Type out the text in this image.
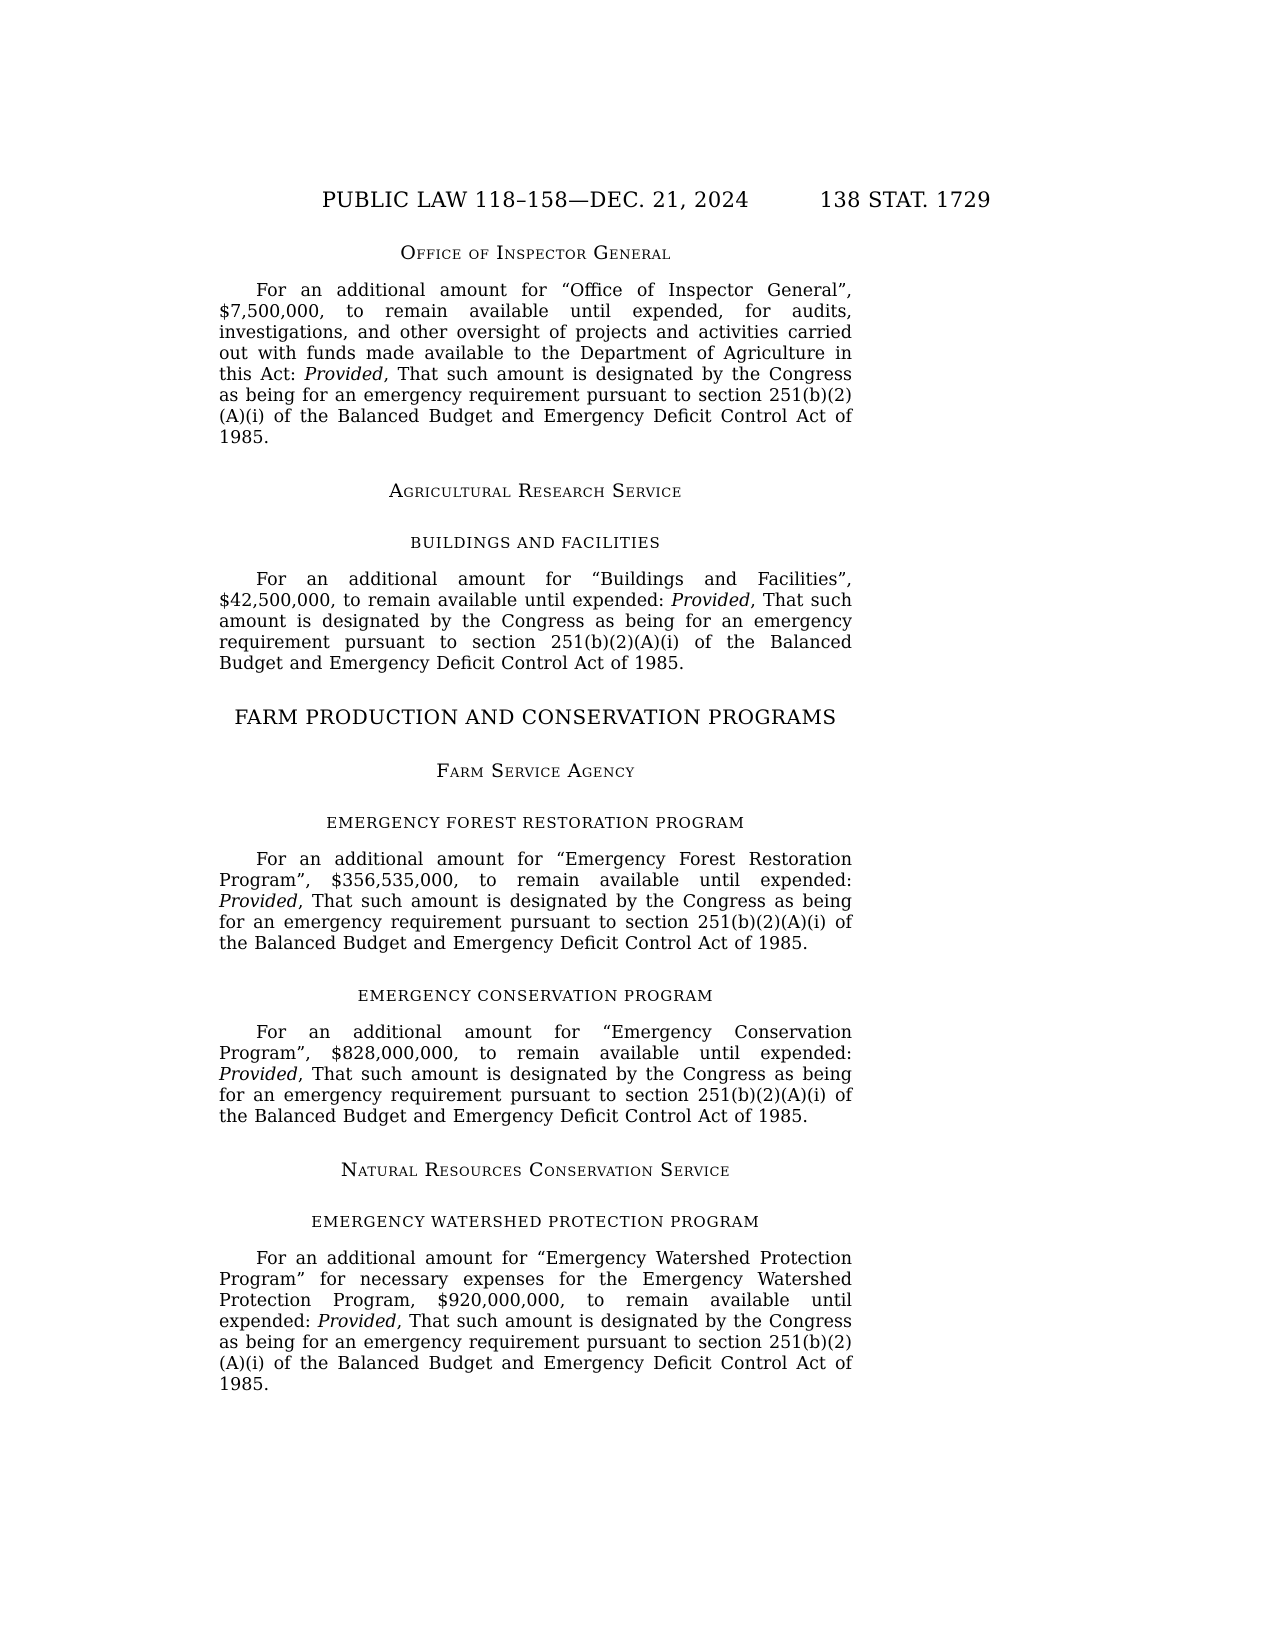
PUBLIC LAW 118–158—DEC. 21, 2024	138 STAT. 1729
Office of Inspector General

For an additional amount for “Office of Inspector General”, $7,500,000, to remain available until expended, for audits, investigations, and other oversight of projects and activities carried out with funds made available to the Department of Agriculture in this Act: Provided, That such amount is designated by the Congress as being for an emergency requirement pursuant to section 251(b)(2)(A)(i) of the Balanced Budget and Emergency Deficit Control Act of 1985.

Agricultural Research Service
BUILDINGS AND FACILITIES

For an additional amount for “Buildings and Facilities”, $42,500,000, to remain available until expended: Provided, That such amount is designated by the Congress as being for an emergency requirement pursuant to section 251(b)(2)(A)(i) of the Balanced Budget and Emergency Deficit Control Act of 1985.

FARM PRODUCTION AND CONSERVATION PROGRAMS
Farm Service Agency
EMERGENCY FOREST RESTORATION PROGRAM

For an additional amount for “Emergency Forest Restoration Program”, $356,535,000, to remain available until expended: Provided, That such amount is designated by the Congress as being for an emergency requirement pursuant to section 251(b)(2)(A)(i) of the Balanced Budget and Emergency Deficit Control Act of 1985.

EMERGENCY CONSERVATION PROGRAM

For an additional amount for “Emergency Conservation Program”, $828,000,000, to remain available until expended: Provided, That such amount is designated by the Congress as being for an emergency requirement pursuant to section 251(b)(2)(A)(i) of the Balanced Budget and Emergency Deficit Control Act of 1985.

Natural Resources Conservation Service
EMERGENCY WATERSHED PROTECTION PROGRAM

For an additional amount for “Emergency Watershed Protection Program” for necessary expenses for the Emergency Watershed Protection Program, $920,000,000, to remain available until expended: Provided, That such amount is designated by the Congress as being for an emergency requirement pursuant to section 251(b)(2)(A)(i) of the Balanced Budget and Emergency Deficit Control Act of 1985.
